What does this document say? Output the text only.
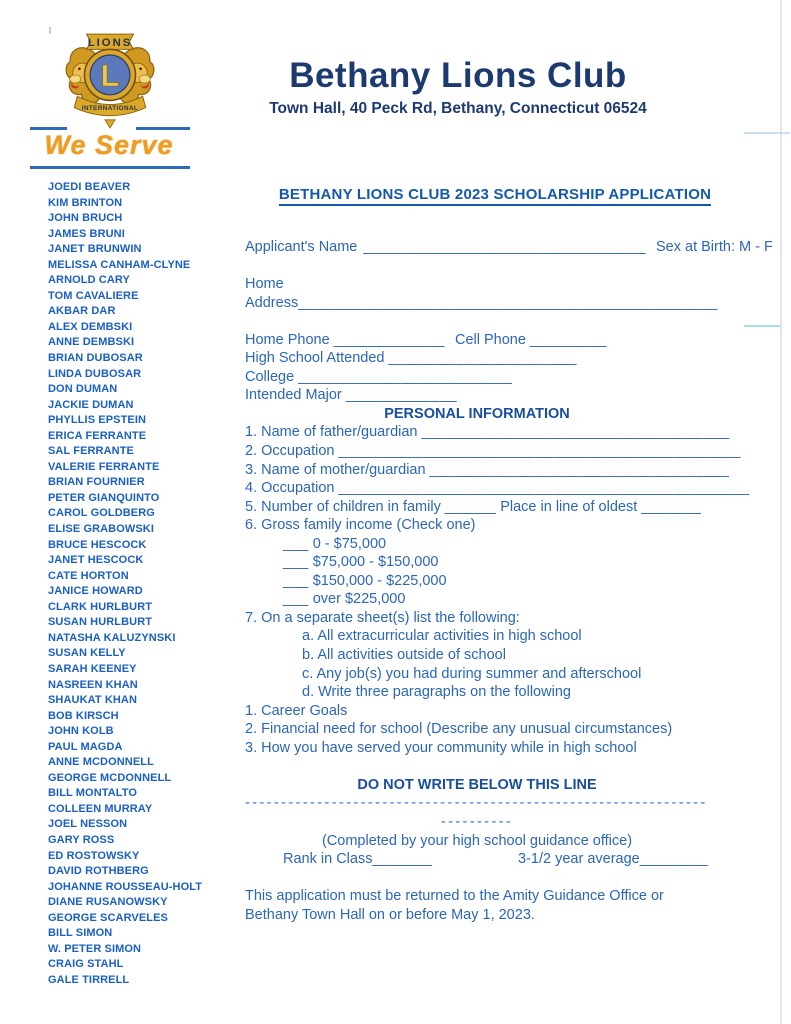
LIONS
L
INTERNATIONAL
We Serve
JOEDI BEAVER
KIM BRINTON
JOHN BRUCH
JAMES BRUNI
JANET BRUNWIN
MELISSA CANHAM-CLYNE
ARNOLD CARY
TOM CAVALIERE
AKBAR DAR
ALEX DEMBSKI
ANNE DEMBSKI
BRIAN DUBOSAR
LINDA DUBOSAR
DON DUMAN
JACKIE DUMAN
PHYLLIS EPSTEIN
ERICA FERRANTE
SAL FERRANTE
VALERIE FERRANTE
BRIAN FOURNIER
PETER GIANQUINTO
CAROL GOLDBERG
ELISE GRABOWSKI
BRUCE HESCOCK
JANET HESCOCK
CATE HORTON
JANICE HOWARD
CLARK HURLBURT
SUSAN HURLBURT
NATASHA KALUZYNSKI
SUSAN KELLY
SARAH KEENEY
NASREEN KHAN
SHAUKAT KHAN
BOB KIRSCH
JOHN KOLB
PAUL MAGDA
ANNE MCDONNELL
GEORGE MCDONNELL
BILL MONTALTO
COLLEEN MURRAY
JOEL NESSON
GARY ROSS
ED ROSTOWSKY
DAVID ROTHBERG
JOHANNE ROUSSEAU-HOLT
DIANE RUSANOWSKY
GEORGE SCARVELES
BILL SIMON
W. PETER SIMON
CRAIG STAHL
GALE TIRRELL
Bethany Lions Club
Town Hall, 40 Peck Rd, Bethany, Connecticut 06524
BETHANY LIONS CLUB 2023 SCHOLARSHIP APPLICATION

Applicant's Name _________________________________ Sex at Birth: M - F

Home

Address_________________________________________________

Home Phone _____________ Cell Phone _________

High School Attended ______________________

College _________________________

Intended Major _____________

PERSONAL INFORMATION

1. Name of father/guardian ____________________________________

2. Occupation _______________________________________________

3. Name of mother/guardian ___________________________________

4. Occupation ________________________________________________

5. Number of children in family ______ Place in line of oldest _______

6. Gross family income (Check one)

___ 0 - $75,000

___ $75,000 - $150,000

___ $150,000 - $225,000

___ over $225,000

7. On a separate sheet(s) list the following:

a. All extracurricular activities in high school

b. All activities outside of school

c. Any job(s) you had during summer and afterschool

d. Write three paragraphs on the following

1. Career Goals

2. Financial need for school (Describe any unusual circumstances)

3. How you have served your community while in high school

DO NOT WRITE BELOW THIS LINE

----------------------------------------------------------------

----------

(Completed by your high school guidance office)

Rank in Class_______	3-1/2 year average________

This application must be returned to the Amity Guidance Office or

Bethany Town Hall on or before May 1, 2023.
